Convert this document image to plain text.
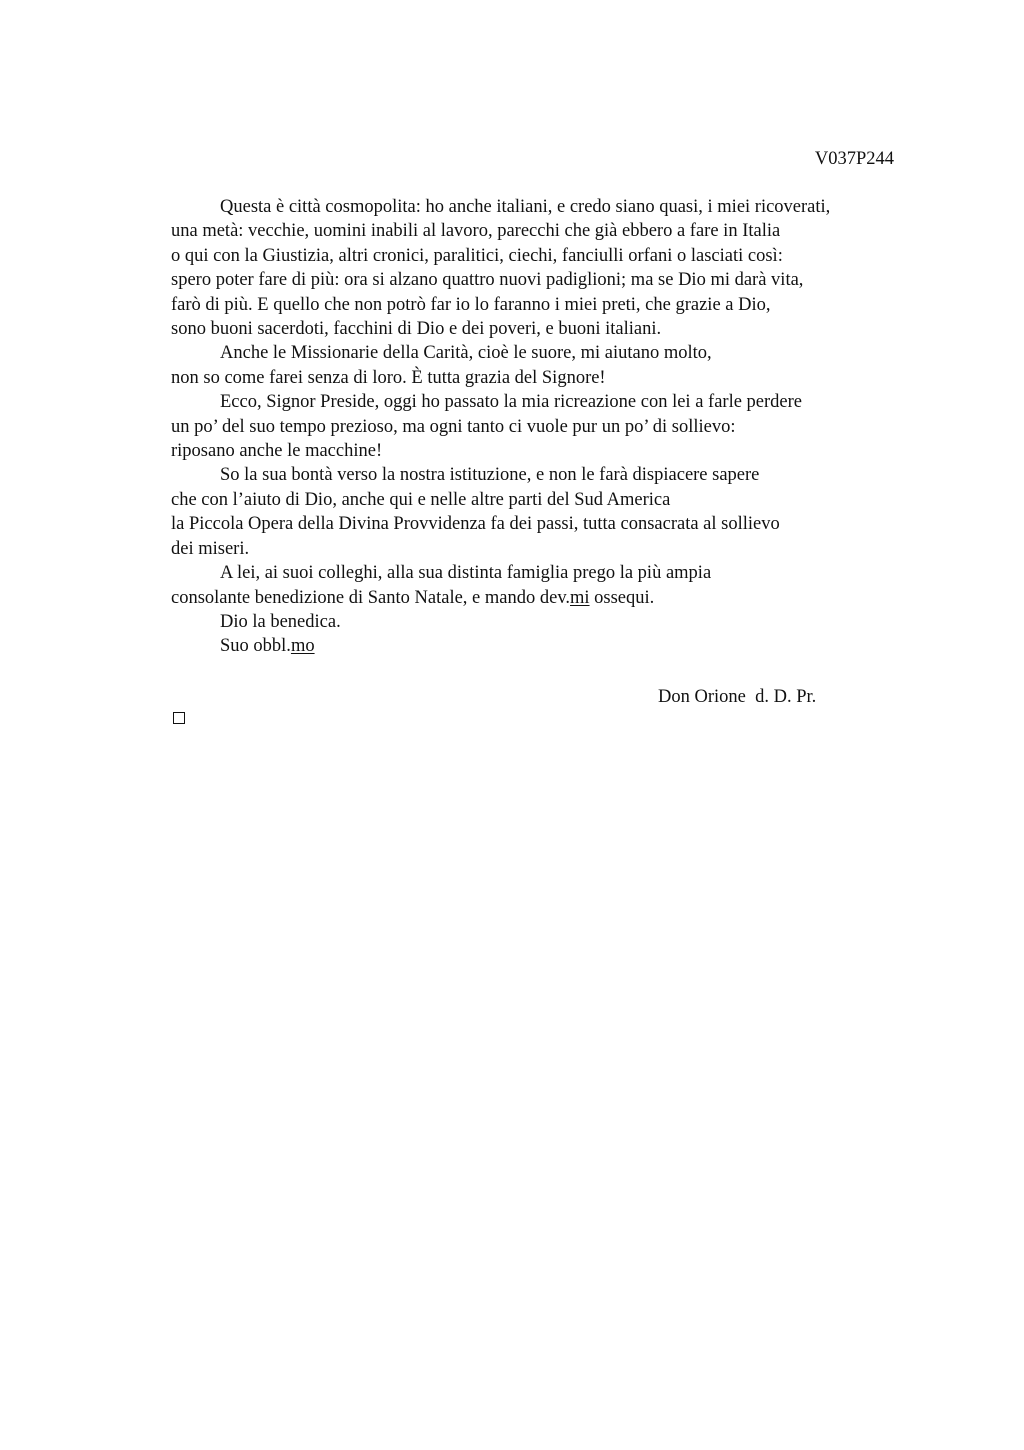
V037P244
Questa è città cosmopolita: ho anche italiani, e credo siano quasi, i miei ricoverati,
una metà: vecchie, uomini inabili al lavoro, parecchi che già ebbero a fare in Italia
o qui con la Giustizia, altri cronici, paralitici, ciechi, fanciulli orfani o lasciati così:
spero poter fare di più: ora si alzano quattro nuovi padiglioni; ma se Dio mi darà vita,
farò di più. E quello che non potrò far io lo faranno i miei preti, che grazie a Dio,
sono buoni sacerdoti, facchini di Dio e dei poveri, e buoni italiani.
Anche le Missionarie della Carità, cioè le suore, mi aiutano molto,
non so come farei senza di loro. È tutta grazia del Signore!
Ecco, Signor Preside, oggi ho passato la mia ricreazione con lei a farle perdere
un po’ del suo tempo prezioso, ma ogni tanto ci vuole pur un po’ di sollievo:
riposano anche le macchine!
So la sua bontà verso la nostra istituzione, e non le farà dispiacere sapere
che con l’aiuto di Dio, anche qui e nelle altre parti del Sud America
la Piccola Opera della Divina Provvidenza fa dei passi, tutta consacrata al sollievo
dei miseri.
A lei, ai suoi colleghi, alla sua distinta famiglia prego la più ampia
consolante benedizione di Santo Natale, e mando dev.mi ossequi.
Dio la benedica.
Suo obbl.mo
Don Orione  d. D. Pr.
